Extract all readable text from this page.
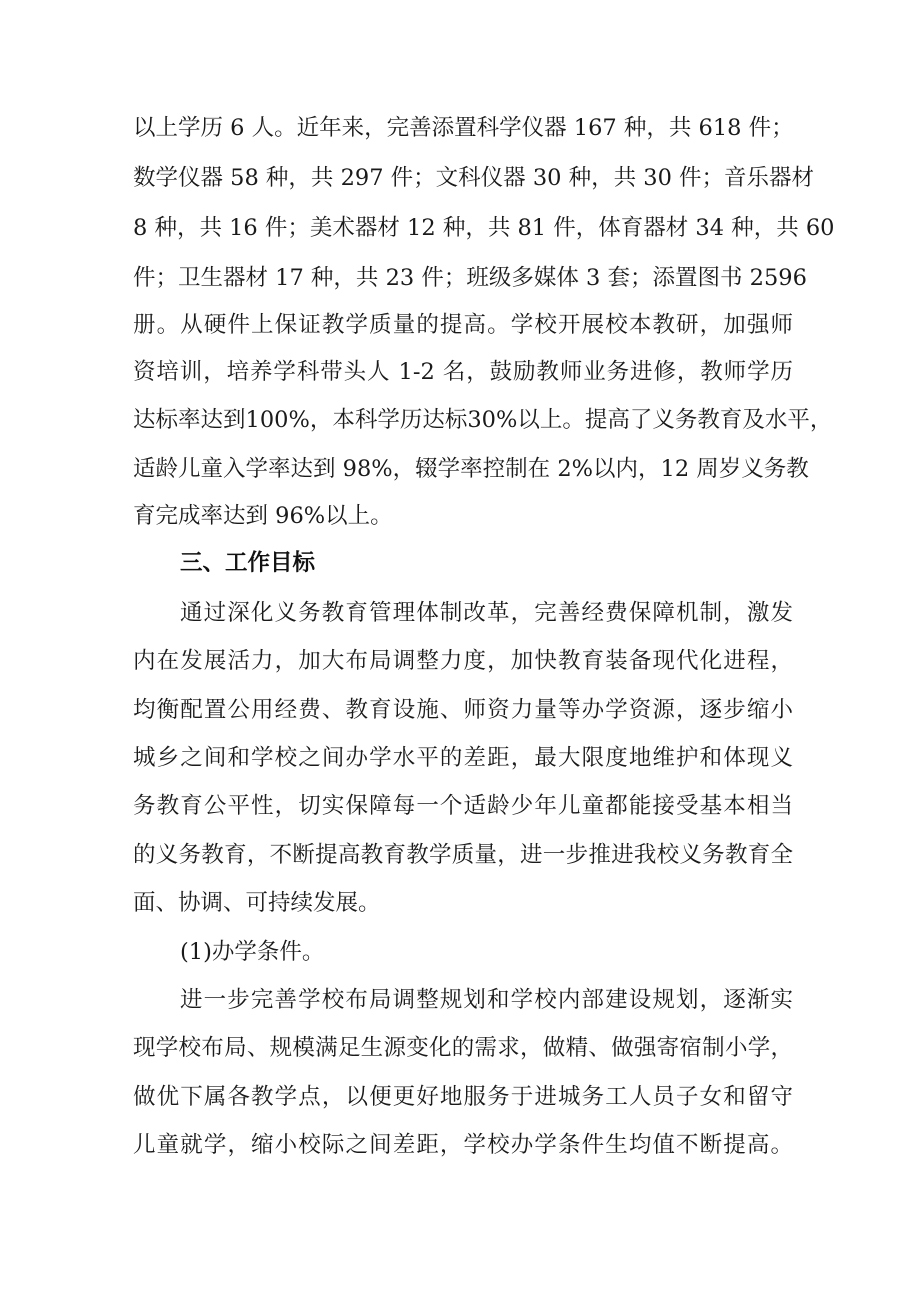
以上学历 6 人。近年来，完善添置科学仪器 167 种，共 618 件；

数学仪器 58 种，共 297 件；文科仪器 30 种，共 30 件；音乐器材

8 种，共 16 件；美术器材 12 种，共 81 件，体育器材 34 种，共 60

件；卫生器材 17 种，共 23 件；班级多媒体 3 套；添置图书 2596

册。从硬件上保证教学质量的提高。学校开展校本教研，加强师

资培训，培养学科带头人 1-2 名，鼓励教师业务进修，教师学历

达标率达到100%，本科学历达标30%以上。提高了义务教育及水平，

适龄儿童入学率达到 98%，辍学率控制在 2%以内，12 周岁义务教

育完成率达到 96%以上。

三、工作目标

通过深化义务教育管理体制改革，完善经费保障机制，激发

内在发展活力，加大布局调整力度，加快教育装备现代化进程，

均衡配置公用经费、教育设施、师资力量等办学资源，逐步缩小

城乡之间和学校之间办学水平的差距，最大限度地维护和体现义

务教育公平性，切实保障每一个适龄少年儿童都能接受基本相当

的义务教育，不断提高教育教学质量，进一步推进我校义务教育全

面、协调、可持续发展。

(1)办学条件。

进一步完善学校布局调整规划和学校内部建设规划，逐渐实

现学校布局、规模满足生源变化的需求，做精、做强寄宿制小学，

做优下属各教学点，以便更好地服务于进城务工人员子女和留守

儿童就学，缩小校际之间差距，学校办学条件生均值不断提高。
